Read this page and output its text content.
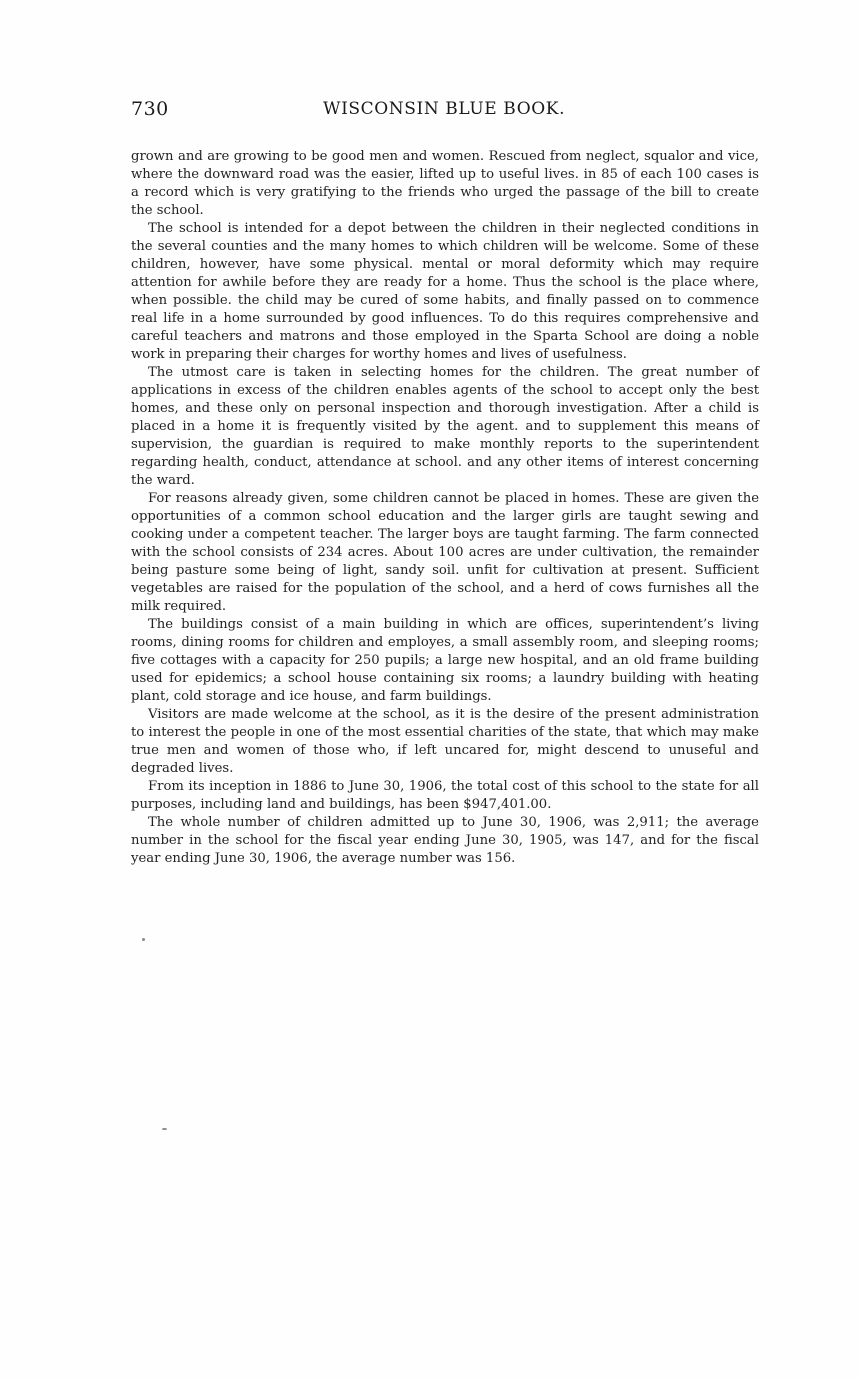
730	WISCONSIN BLUE BOOK.

grown and are growing to be good men and women. Rescued from neglect, squalor and vice, where the downward road was the easier, lifted up to useful lives. in 85 of each 100 cases is a record which is very gratifying to the friends who urged the passage of the bill to create the school.

The school is intended for a depot between the children in their neglected conditions in the several counties and the many homes to which children will be welcome. Some of these children, however, have some physical. mental or moral deformity which may require attention for awhile before they are ready for a home. Thus the school is the place where, when possible. the child may be cured of some habits, and finally passed on to commence real life in a home surrounded by good influences. To do this requires comprehensive and careful teachers and matrons and those employed in the Sparta School are doing a noble work in preparing their charges for worthy homes and lives of usefulness.

The utmost care is taken in selecting homes for the children. The great number of applications in excess of the children enables agents of the school to accept only the best homes, and these only on personal inspection and thorough investigation. After a child is placed in a home it is frequently visited by the agent. and to supplement this means of supervision, the guardian is required to make monthly reports to the superintendent regarding health, conduct, attendance at school. and any other items of interest concerning the ward.

For reasons already given, some children cannot be placed in homes. These are given the opportunities of a common school education and the larger girls are taught sewing and cooking under a competent teacher. The larger boys are taught farming. The farm connected with the school consists of 234 acres. About 100 acres are under cultivation, the remainder being pasture some being of light, sandy soil. unfit for cultivation at present. Sufficient vegetables are raised for the population of the school, and a herd of cows furnishes all the milk required.

The buildings consist of a main building in which are offices, superintendent’s living rooms, dining rooms for children and employes, a small assembly room, and sleeping rooms; five cottages with a capacity for 250 pupils; a large new hospital, and an old frame building used for epidemics; a school house containing six rooms; a laundry building with heating plant, cold storage and ice house, and farm buildings.

Visitors are made welcome at the school, as it is the desire of the present administration to interest the people in one of the most essential charities of the state, that which may make true men and women of those who, if left uncared for, might descend to unuseful and degraded lives.

From its inception in 1886 to June 30, 1906, the total cost of this school to the state for all purposes, including land and buildings, has been $947,401.00.

The whole number of children admitted up to June 30, 1906, was 2,911; the average number in the school for the fiscal year ending June 30, 1905, was 147, and for the fiscal year ending June 30, 1906, the average number was 156.
